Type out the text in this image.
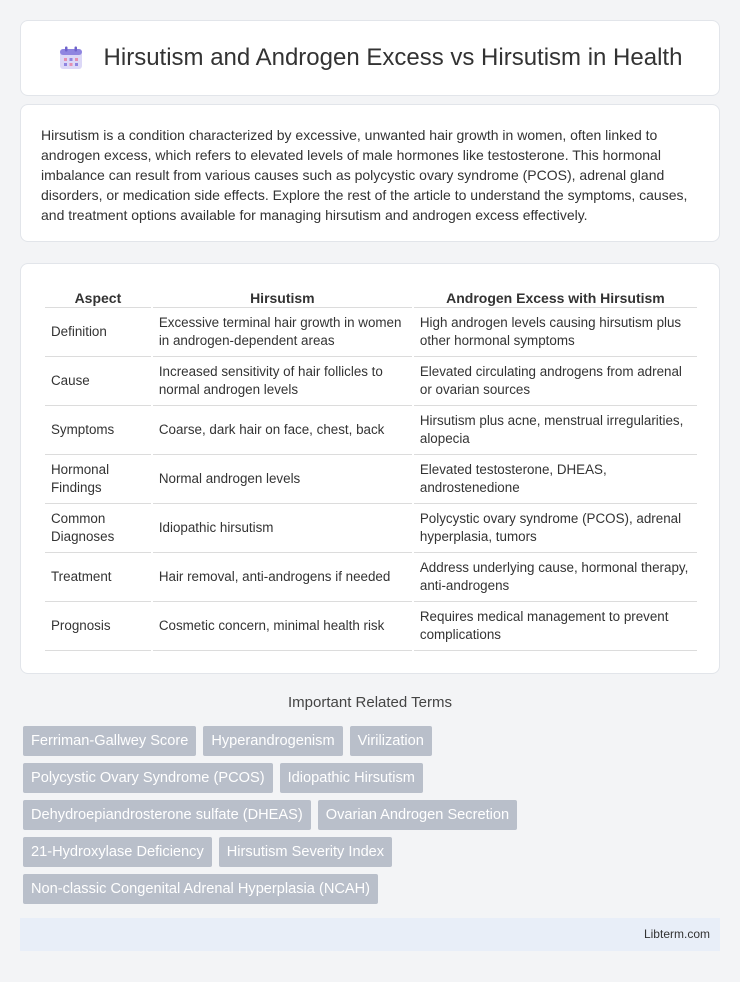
Hirsutism and Androgen Excess vs Hirsutism in Health

Hirsutism is a condition characterized by excessive, unwanted hair growth in women, often linked to androgen excess, which refers to elevated levels of male hormones like testosterone. This hormonal imbalance can result from various causes such as polycystic ovary syndrome (PCOS), adrenal gland disorders, or medication side effects. Explore the rest of the article to understand the symptoms, causes, and treatment options available for managing hirsutism and androgen excess effectively.

Aspect	Hirsutism	Androgen Excess with Hirsutism
Definition	Excessive terminal hair growth in women in androgen-dependent areas	High androgen levels causing hirsutism plus other hormonal symptoms
Cause	Increased sensitivity of hair follicles to normal androgen levels	Elevated circulating androgens from adrenal or ovarian sources
Symptoms	Coarse, dark hair on face, chest, back	Hirsutism plus acne, menstrual irregularities, alopecia
Hormonal Findings	Normal androgen levels	Elevated testosterone, DHEAS, androstenedione
Common Diagnoses	Idiopathic hirsutism	Polycystic ovary syndrome (PCOS), adrenal hyperplasia, tumors
Treatment	Hair removal, anti-androgens if needed	Address underlying cause, hormonal therapy, anti-androgens
Prognosis	Cosmetic concern, minimal health risk	Requires medical management to prevent complications
Important Related Terms
Ferriman-Gallwey Score	Hyperandrogenism	Virilization
Polycystic Ovary Syndrome (PCOS)	Idiopathic Hirsutism
Dehydroepiandrosterone sulfate (DHEAS)	Ovarian Androgen Secretion
21-Hydroxylase Deficiency	Hirsutism Severity Index
Non-classic Congenital Adrenal Hyperplasia (NCAH)
Libterm.com
